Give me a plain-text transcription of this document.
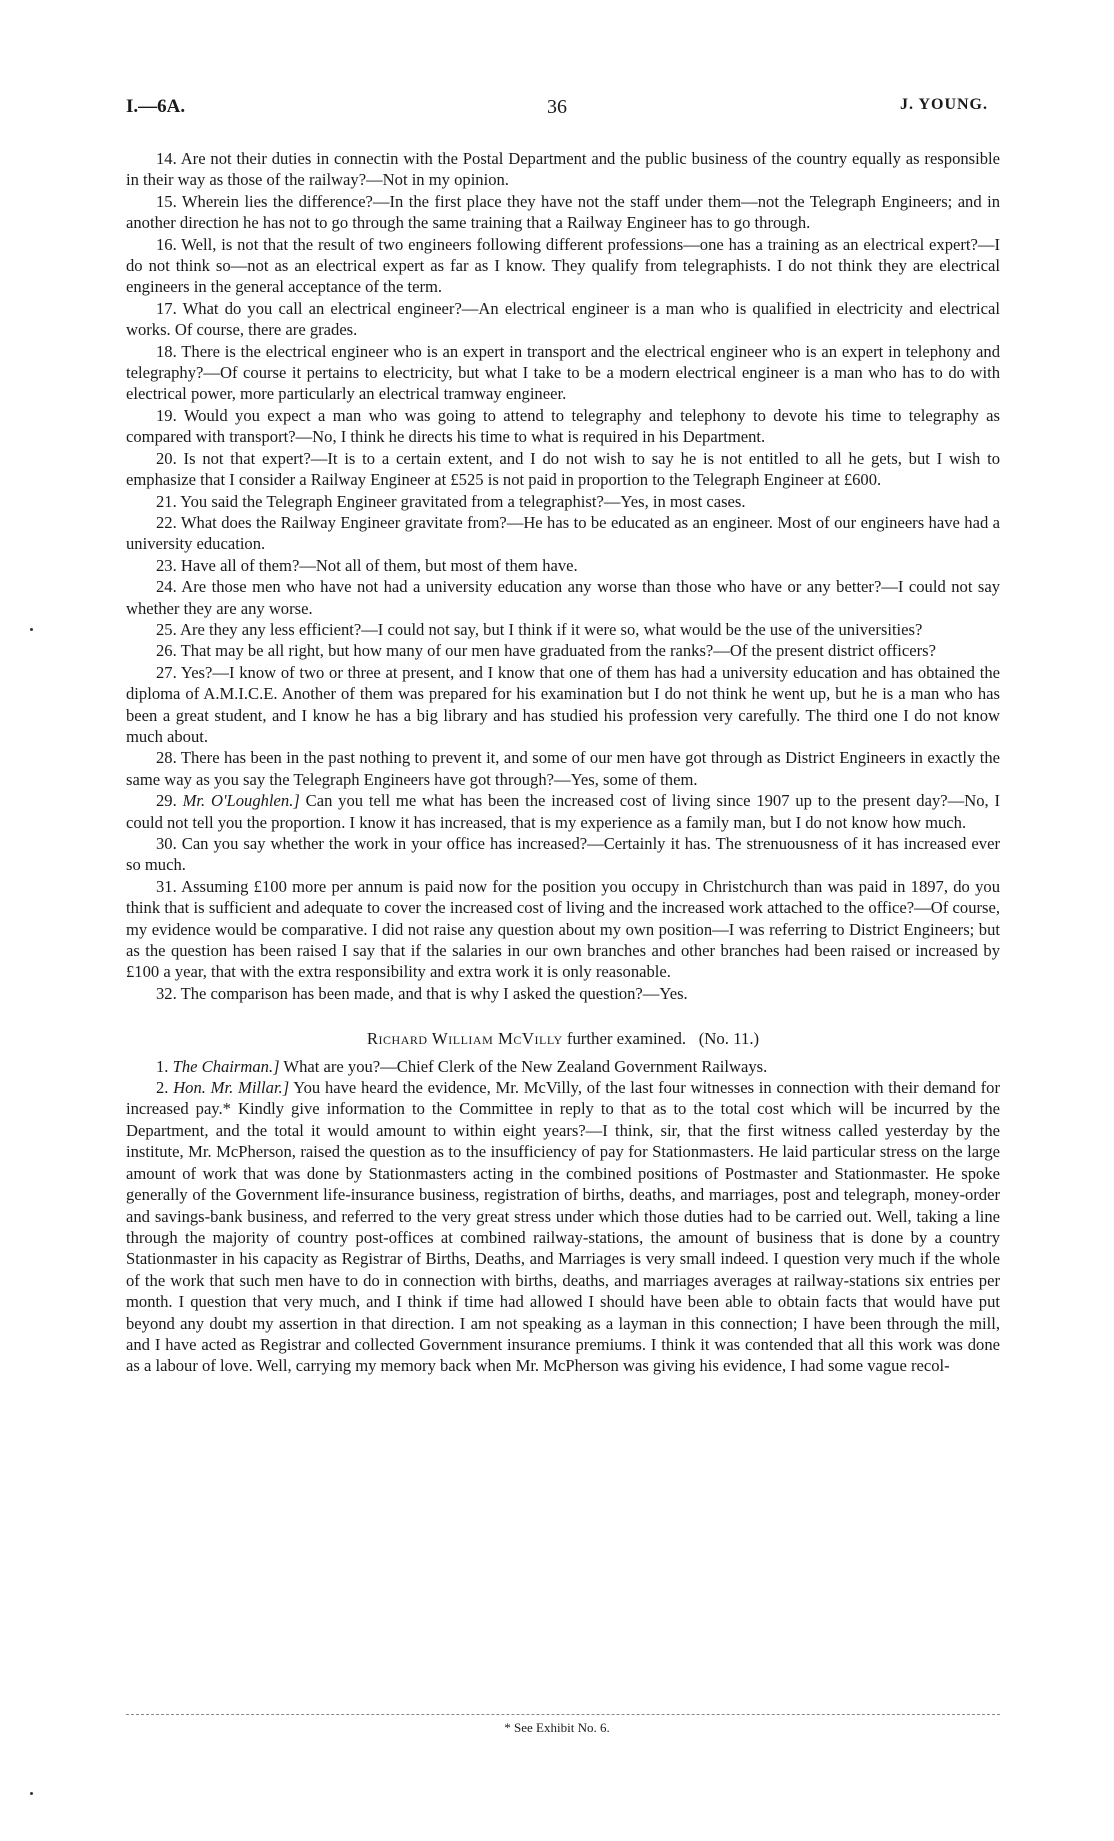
I.—6A.	36	J. YOUNG.

14. Are not their duties in connectin with the Postal Department and the public business of the country equally as responsible in their way as those of the railway?—Not in my opinion.

15. Wherein lies the difference?—In the first place they have not the staff under them—not the Telegraph Engineers; and in another direction he has not to go through the same training that a Railway Engineer has to go through.

16. Well, is not that the result of two engineers following different professions—one has a training as an electrical expert?—I do not think so—not as an electrical expert as far as I know. They qualify from telegraphists. I do not think they are electrical engineers in the general acceptance of the term.

17. What do you call an electrical engineer?—An electrical engineer is a man who is qualified in electricity and electrical works. Of course, there are grades.

18. There is the electrical engineer who is an expert in transport and the electrical engineer who is an expert in telephony and telegraphy?—Of course it pertains to electricity, but what I take to be a modern electrical engineer is a man who has to do with electrical power, more particularly an electrical tramway engineer.

19. Would you expect a man who was going to attend to telegraphy and telephony to devote his time to telegraphy as compared with transport?—No, I think he directs his time to what is required in his Department.

20. Is not that expert?—It is to a certain extent, and I do not wish to say he is not entitled to all he gets, but I wish to emphasize that I consider a Railway Engineer at £525 is not paid in proportion to the Telegraph Engineer at £600.

21. You said the Telegraph Engineer gravitated from a telegraphist?—Yes, in most cases.

22. What does the Railway Engineer gravitate from?—He has to be educated as an engineer. Most of our engineers have had a university education.

23. Have all of them?—Not all of them, but most of them have.

24. Are those men who have not had a university education any worse than those who have or any better?—I could not say whether they are any worse.

25. Are they any less efficient?—I could not say, but I think if it were so, what would be the use of the universities?

26. That may be all right, but how many of our men have graduated from the ranks?—Of the present district officers?

27. Yes?—I know of two or three at present, and I know that one of them has had a university education and has obtained the diploma of A.M.I.C.E. Another of them was prepared for his examination but I do not think he went up, but he is a man who has been a great student, and I know he has a big library and has studied his profession very carefully. The third one I do not know much about.

28. There has been in the past nothing to prevent it, and some of our men have got through as District Engineers in exactly the same way as you say the Telegraph Engineers have got through?—Yes, some of them.

29. Mr. O'Loughlen.] Can you tell me what has been the increased cost of living since 1907 up to the present day?—No, I could not tell you the proportion. I know it has increased, that is my experience as a family man, but I do not know how much.

30. Can you say whether the work in your office has increased?—Certainly it has. The strenuousness of it has increased ever so much.

31. Assuming £100 more per annum is paid now for the position you occupy in Christchurch than was paid in 1897, do you think that is sufficient and adequate to cover the increased cost of living and the increased work attached to the office?—Of course, my evidence would be comparative. I did not raise any question about my own position—I was referring to District Engineers; but as the question has been raised I say that if the salaries in our own branches and other branches had been raised or increased by £100 a year, that with the extra responsibility and extra work it is only reasonable.

32. The comparison has been made, and that is why I asked the question?—Yes.

Richard William McVilly further examined. (No. 11.)

1. The Chairman.] What are you?—Chief Clerk of the New Zealand Government Railways.

2. Hon. Mr. Millar.] You have heard the evidence, Mr. McVilly, of the last four witnesses in connection with their demand for increased pay.* Kindly give information to the Committee in reply to that as to the total cost which will be incurred by the Department, and the total it would amount to within eight years?—I think, sir, that the first witness called yesterday by the institute, Mr. McPherson, raised the question as to the insufficiency of pay for Stationmasters. He laid particular stress on the large amount of work that was done by Stationmasters acting in the combined positions of Postmaster and Stationmaster. He spoke generally of the Government life-insurance business, registration of births, deaths, and marriages, post and telegraph, money-order and savings-bank business, and referred to the very great stress under which those duties had to be carried out. Well, taking a line through the majority of country post-offices at combined railway-stations, the amount of business that is done by a country Stationmaster in his capacity as Registrar of Births, Deaths, and Marriages is very small indeed. I question very much if the whole of the work that such men have to do in connection with births, deaths, and marriages averages at railway-stations six entries per month. I question that very much, and I think if time had allowed I should have been able to obtain facts that would have put beyond any doubt my assertion in that direction. I am not speaking as a layman in this connection; I have been through the mill, and I have acted as Registrar and collected Government insurance premiums. I think it was contended that all this work was done as a labour of love. Well, carrying my memory back when Mr. McPherson was giving his evidence, I had some vague recol-

* See Exhibit No. 6.
